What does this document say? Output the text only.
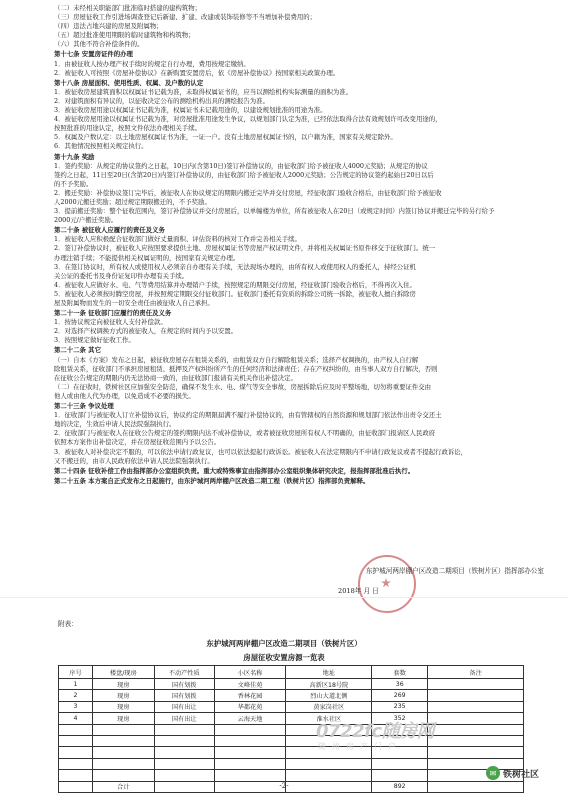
（二）未经相关职能部门批准临时搭建的建构筑物；

（三）房屋征收工作引进场调查登记后新建、扩建、改建或装饰装修等不当增加补偿费用的；

（四）违法占地兴建的房屋及附属物；

（五）超过批准使用期限的临时建筑物和构筑物；

（六）其他不符合补偿条件的。

第十七条 安置房证件的办理

1．由被征收人按办理产权手续时的规定自行办理，费用按规定缴纳。

2．被征收人可按照《房屋补偿协议》在新购置安置房后，依《房屋补偿协议》按国家相关政策办理。

第十八条 房屋面积、使用性质、权属、及户数的认定

1．被征收房屋建筑面积以权属证书记载为准，未取得权属证书的，应当以测绘机构实际测量的面积为准。

2．对建筑面积有异议的，以征收决定公布的测绘机构出具的测绘报告为准。

3．被征收房屋用途以权属证书记载为准，权属证书未记载用途的，以建设规划批准的用途为准。

4．被征收房屋用途以权属证书记载为准，对房屋批准用途发生争议，以规划部门认定为准，已经依法取得合法有效规划许可改变用途的，

按照批准的用途认定，按照文件依法办理相关手续。

5．权属及户数认定：以土地房屋权属证书为准，一证一户。没有土地房屋权属证书的，以户籍为准，国家有关规定除外。

6．其他情况按照相关规定执行。

第十九条 奖励

1．签约奖励：从规定的协议签约之日起，10日内(含第10日)签订补偿协议的，由征收部门给予被征收人4000元奖励；从规定的协议

签约之日起，11日至20日(含第20日)内签订补偿协议的，由征收部门给予被征收人2000元奖励；公告规定的协议签约起始日20日以后

的不予奖励。

2．搬迁奖励：补偿协议签订完毕后，被征收人在协议规定的期限内搬迁完毕并交付房屋，经征收部门验收合格后，由征收部门给予被征收

人2000元搬迁奖励；超过规定期限搬迁的，不予奖励。

3．提前搬迁奖励：整个征收范围内，签订补偿协议并交付房屋后，以单幢楼为单位，所有被征收人在20日（或规定时间）内签订协议并搬迁完毕的另行给予

2000元/户搬迁奖励。

第二十条 被征收人应履行的责任及义务

1．被征收人应积极配合征收部门做好丈量面积、评估资料的核对工作并完善相关手续。

2．签订补偿协议时，被征收人应按照要求提供土地、房屋权属证书等房屋产权证明文件，并将相关权属证书原件移交于征收部门。统一

办理注销手续；不能提供相关权属证明的，按国家有关规定办理。

3．在签订协议时，所有权人或使用权人必须亲自办理有关手续，无法现场办理的，由所有权人或使用权人的委托人，持经公证机

关公证的委托书及身份证复印件办理有关手续。

4．被征收人应做好水、电、气等费用结算并办理销户手续，按照规定的期限交付房屋，经征收部门验收合格后，不得再次入住。

5．被征收人必须按时腾空房屋，并按照规定期限交付征收部门。征收部门委托有资质的拆除公司统一拆除，被征收人擅自拆除房

屋及附属物而发生的一切安全责任由被征收人自己承担。

第二十一条 征收部门应履行的责任及义务

1．按协议规定向被征收人支付补偿款。

2．对选择产权调换方式的被征收人，在规定的时间内予以安置。

3．按照规定做好征收工作。

第二十二条 其它

（一）自本《方案》发布之日起，被征收房屋存在租赁关系的，由租赁双方自行解除租赁关系；选择产权调换的，由产权人自行解

除租赁关系，征收部门不承担房屋租赁、抵押及产权纠纷所产生的任何经济和法律责任；存在产权纠纷的，由当事人双方自行解决，否则

在征收公告规定的期限内仍无法协商一致的，由征收部门报请有关机关作出补偿决定。

（二）在征收时，铁树社区应加强安全防范，确保不发生水、电、煤气等安全事故，房屋拆除后应及时平整场地，切勿将重要证件交由

他人或由他人代为办理，以免造成不必要的损失。

第二十三条 争议处理

1．征收部门与被征收人订立补偿协议后，协议约定的期限届满不履行补偿协议的，由有管辖权的自然资源和规划部门依法作出责令交还土

地的决定，生效后申请人民法院强制执行。

2．征收部门与被征收人在征收公告规定的签约期限内达不成补偿协议，或者被征收房屋所有权人不明确的，由征收部门报请区人民政府

依照本方案作出补偿决定，并在房屋征收范围内予以公告。

3．被征收人对补偿决定不服的，可以依法申请行政复议，也可以依法提起行政诉讼。被征收人在法定期限内不申请行政复议或者不提起行政诉讼，

又不搬迁的，由市人民政府依法申请人民法院强制执行。

第二十四条 征收补偿工作由指挥部办公室组织负责。重大或特殊事宜由指挥部办公室组织集体研究决定，报指挥部批准后执行。

第二十五条 本方案自正式发布之日起施行，由东护城河两岸棚户区改造二期工程（铁树片区）指挥部负责解释。

东护城河两岸棚户区改造二期项目（铁树片区）指挥部办公室
2018年 月 日
附表：
东护城河两岸棚户区改造二期项目（铁树片区）
房屋征收安置房源一览表
序号	楼盘/现房	不动产性质	小区名称	地址	套数	备注
1	现房	国有划拨	文峰佳苑	高新区18号院	36	
2	现房	国有划拨	香林花园	烈山大道北侧	269	
3	现房	国有出让	华都花苑	黄家岗社区	235	
4	现房	国有出让	云海天地	淮水社区	352	

	合计				892	
0722fc随房网
随州房产门户
-2-
✉ 铁树社区
